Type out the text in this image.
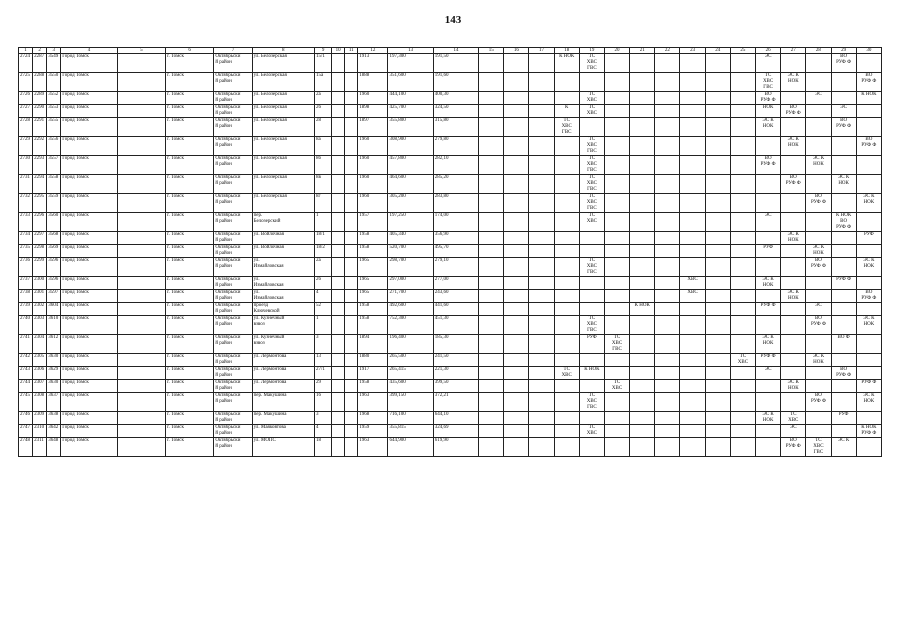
143
1	2	3	4	5	6	7	8	9	10	11	12	13	14	15	16	17	18	19	20	21	22	23	24	25	26	27	28	29	30
2724	2287	3549	Город Томск		г. Томск	Октябрьски
й район	ул. Белозерская	15/1			1913	197,300	191,50				К НОК	ТС
ХВС
ГВС							ЭС			ВО
РУФ Ф	
2725	2288	3550	Город Томск		г. Томск	Октябрьски
й район	ул. Белозерская	15а			1888	351,600	191,60												ТС
ХВС
ГВС	ЭС К
НОК			ВО
РУФ Ф
2726	2289	3552	Город Томск		г. Томск	Октябрьски
й район	ул. Белозерская	2а			1960	444,100	400,30					ТС
ХВС							ВО
РУФ Ф		ЭС		К НОК
2727	2290	3553	Город Томск		г. Томск	Октябрьски
й район	ул. Белозерская	26			1898	425,700	324,50				К	ТС
ХВС							НОК	ВО
РУФ Ф		ЭС	
2728	2291	3555	Город Томск		г. Томск	Октябрьски
й район	ул. Белозерская	28			1897	355,800	315,80				ТС
ХВС
ГВС								ЭС К
НОК			ВО
РУФ Ф	
2729	2292	3556	Город Томск		г. Томск	Октябрьски
й район	ул. Белозерская	8а			1960	308,900	279,80					ТС
ХВС
ГВС								ЭС К
НОК			ВО
РУФ Ф
2730	2293	3557	Город Томск		г. Томск	Октябрьски
й район	ул. Белозерская	8б			1960	457,800	282,10					ТС
ХВС
ГВС							ВО
РУФ Ф		ЭС К
НОК		
2731	2294	3558	Город Томск		г. Томск	Октябрьски
й район	ул. Белозерская	8в			1960	464,600	285,20					ТС
ХВС
ГВС								ВО
РУФ Ф		ЭС К
НОК	
2732	2295	3559	Город Томск		г. Томск	Октябрьски
й район	ул. Белозерская	8г			1960	305,200	283,80					ТС
ХВС
ГВС									ВО
РУФ Ф		ЭС К
НОК
2733	2296	3560	Город Томск		г. Томск	Октябрьски
й район	пер.
Белозерский	1			1957	197,250	174,00					ТС
ХВС							ЭС			К НОК
ВО
РУФ Ф	
2734	2297	3568	Город Томск		г. Томск	Октябрьски
й район	ул. Войлочная	18/1			1958	405,340	356,90													ЭС К
НОК			РУФ
2735	2298	3569	Город Томск		г. Томск	Октябрьски
й район	ул. Войлочная	18/2			1958	520,700	495,70												РУФ		ЭС К
НОК		
2736	2299	3596	Город Томск		г. Томск	Октябрьски
й район	ул.
Измайловская	2а			1965	298,700	279,10					ТС
ХВС
ГВС									ВО
РУФ Ф		ЭС К
НОК
2737	2300	3596	Город Томск		г. Томск	Октябрьски
й район	ул.
Измайловская	26			1965	297,000	277,00									ХВС			ЭС К
НОК			РУФ Ф	
2738	2301	3597	Город Томск		г. Томск	Октябрьски
й район	ул.
Измайловская	4			1965	271,700	243,60									ХВС				ЭС К
НОК			ВО
РУФ Ф
2739	2302	3604	Город Томск		г. Томск	Октябрьски
й район	проезд
Ключевской	52			1958	492,600	441,60							К НОК					РУФ Ф		ЭС		
2740	2303	3610	Город Томск		г. Томск	Октябрьски
й район	ул. Кузнечный
взвоз	1			1958	752,300	451,30					ТС
ХВС
ГВС									ВО
РУФ Ф		ЭС К
НОК
2741	2304	3612	Город Томск		г. Томск	Октябрьски
й район	ул. Кузнечный
взвоз	3			1894	196,400	185,30					РУФ	ТС
ХВС
ГВС						ЭС К
НОК			ВО Ф	
2742	2305	3630	Город Томск		г. Томск	Октябрьски
й район	ул. Лермонтова	13			1880	265,500	241,50											ТС
ХВС	РУФ Ф		ЭС К
НОК		
2743	2306	3629	Город Томск		г. Томск	Октябрьски
й район	ул. Лермонтова	27/1			1917	265,415	221,30				ТС
ХВС	К НОК							ЭС			ВО
РУФ Ф	
2744	2307	3630	Город Томск		г. Томск	Октябрьски
й район	ул. Лермонтова	29			1958	435,600	399,50						ТС
ХВС							ЭС К
НОК			РУФ Ф
2745	2308	3637	Город Томск		г. Томск	Октябрьски
й район	пер. Макушина	16			1963	399,150	372,21					ТС
ХВС
ГВС									ВО
РУФ Ф		ЭС К
НОК
2746	2309	3638	Город Томск		г. Томск	Октябрьски
й район	пер. Макушина	3			1968	716,100	644,10												ЭС К
НОК	ТС
ХВС		РУФ	
2747	2310	3642	Город Томск		г. Томск	Октябрьски
й район	ул. Маяковтова	4			1959	355,815	324,69					ТС
ХВС								ЭС			К НОК
РУФ Ф
2748	2311	3648	Город Томск		г. Томск	Октябрьски
й район	ул. МОПС	18			1963	644,900	619,90													ВО
РУФ Ф	ТС
ХВС
ГВС	ЭС К	
